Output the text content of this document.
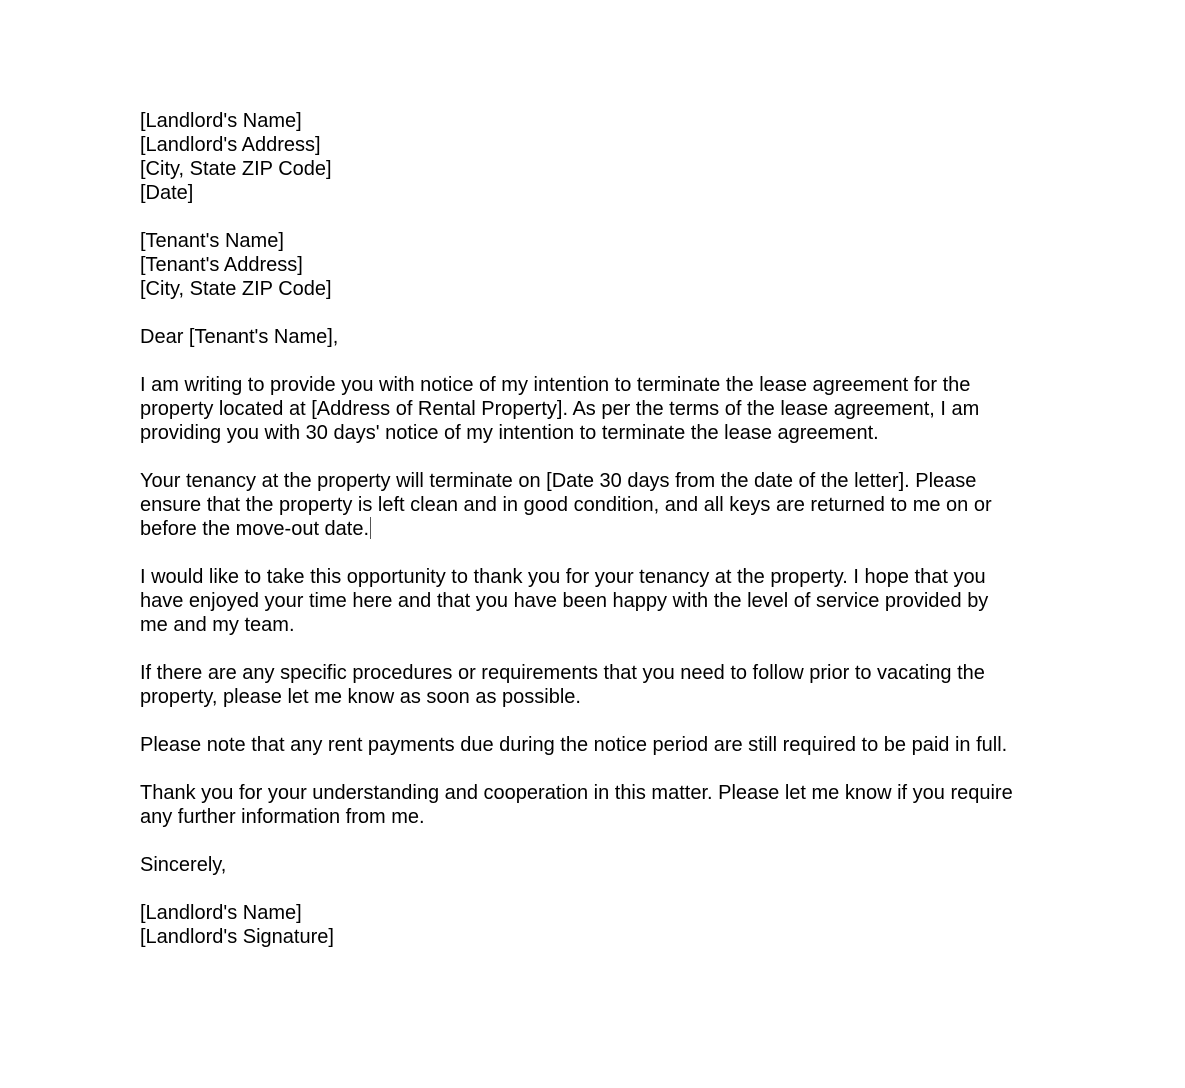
[Landlord's Name]
[Landlord's Address]
[City, State ZIP Code]
[Date]
[Tenant's Name]
[Tenant's Address]
[City, State ZIP Code]
Dear [Tenant's Name],

I am writing to provide you with notice of my intention to terminate the lease agreement for the property located at [Address of Rental Property]. As per the terms of the lease agreement, I am providing you with 30 days' notice of my intention to terminate the lease agreement.

Your tenancy at the property will terminate on [Date 30 days from the date of the letter]. Please ensure that the property is left clean and in good condition, and all keys are returned to me on or before the move-out date.

I would like to take this opportunity to thank you for your tenancy at the property. I hope that you have enjoyed your time here and that you have been happy with the level of service provided by me and my team.

If there are any specific procedures or requirements that you need to follow prior to vacating the property, please let me know as soon as possible.

Please note that any rent payments due during the notice period are still required to be paid in full.

Thank you for your understanding and cooperation in this matter. Please let me know if you require any further information from me.

Sincerely,
[Landlord's Name]
[Landlord's Signature]
